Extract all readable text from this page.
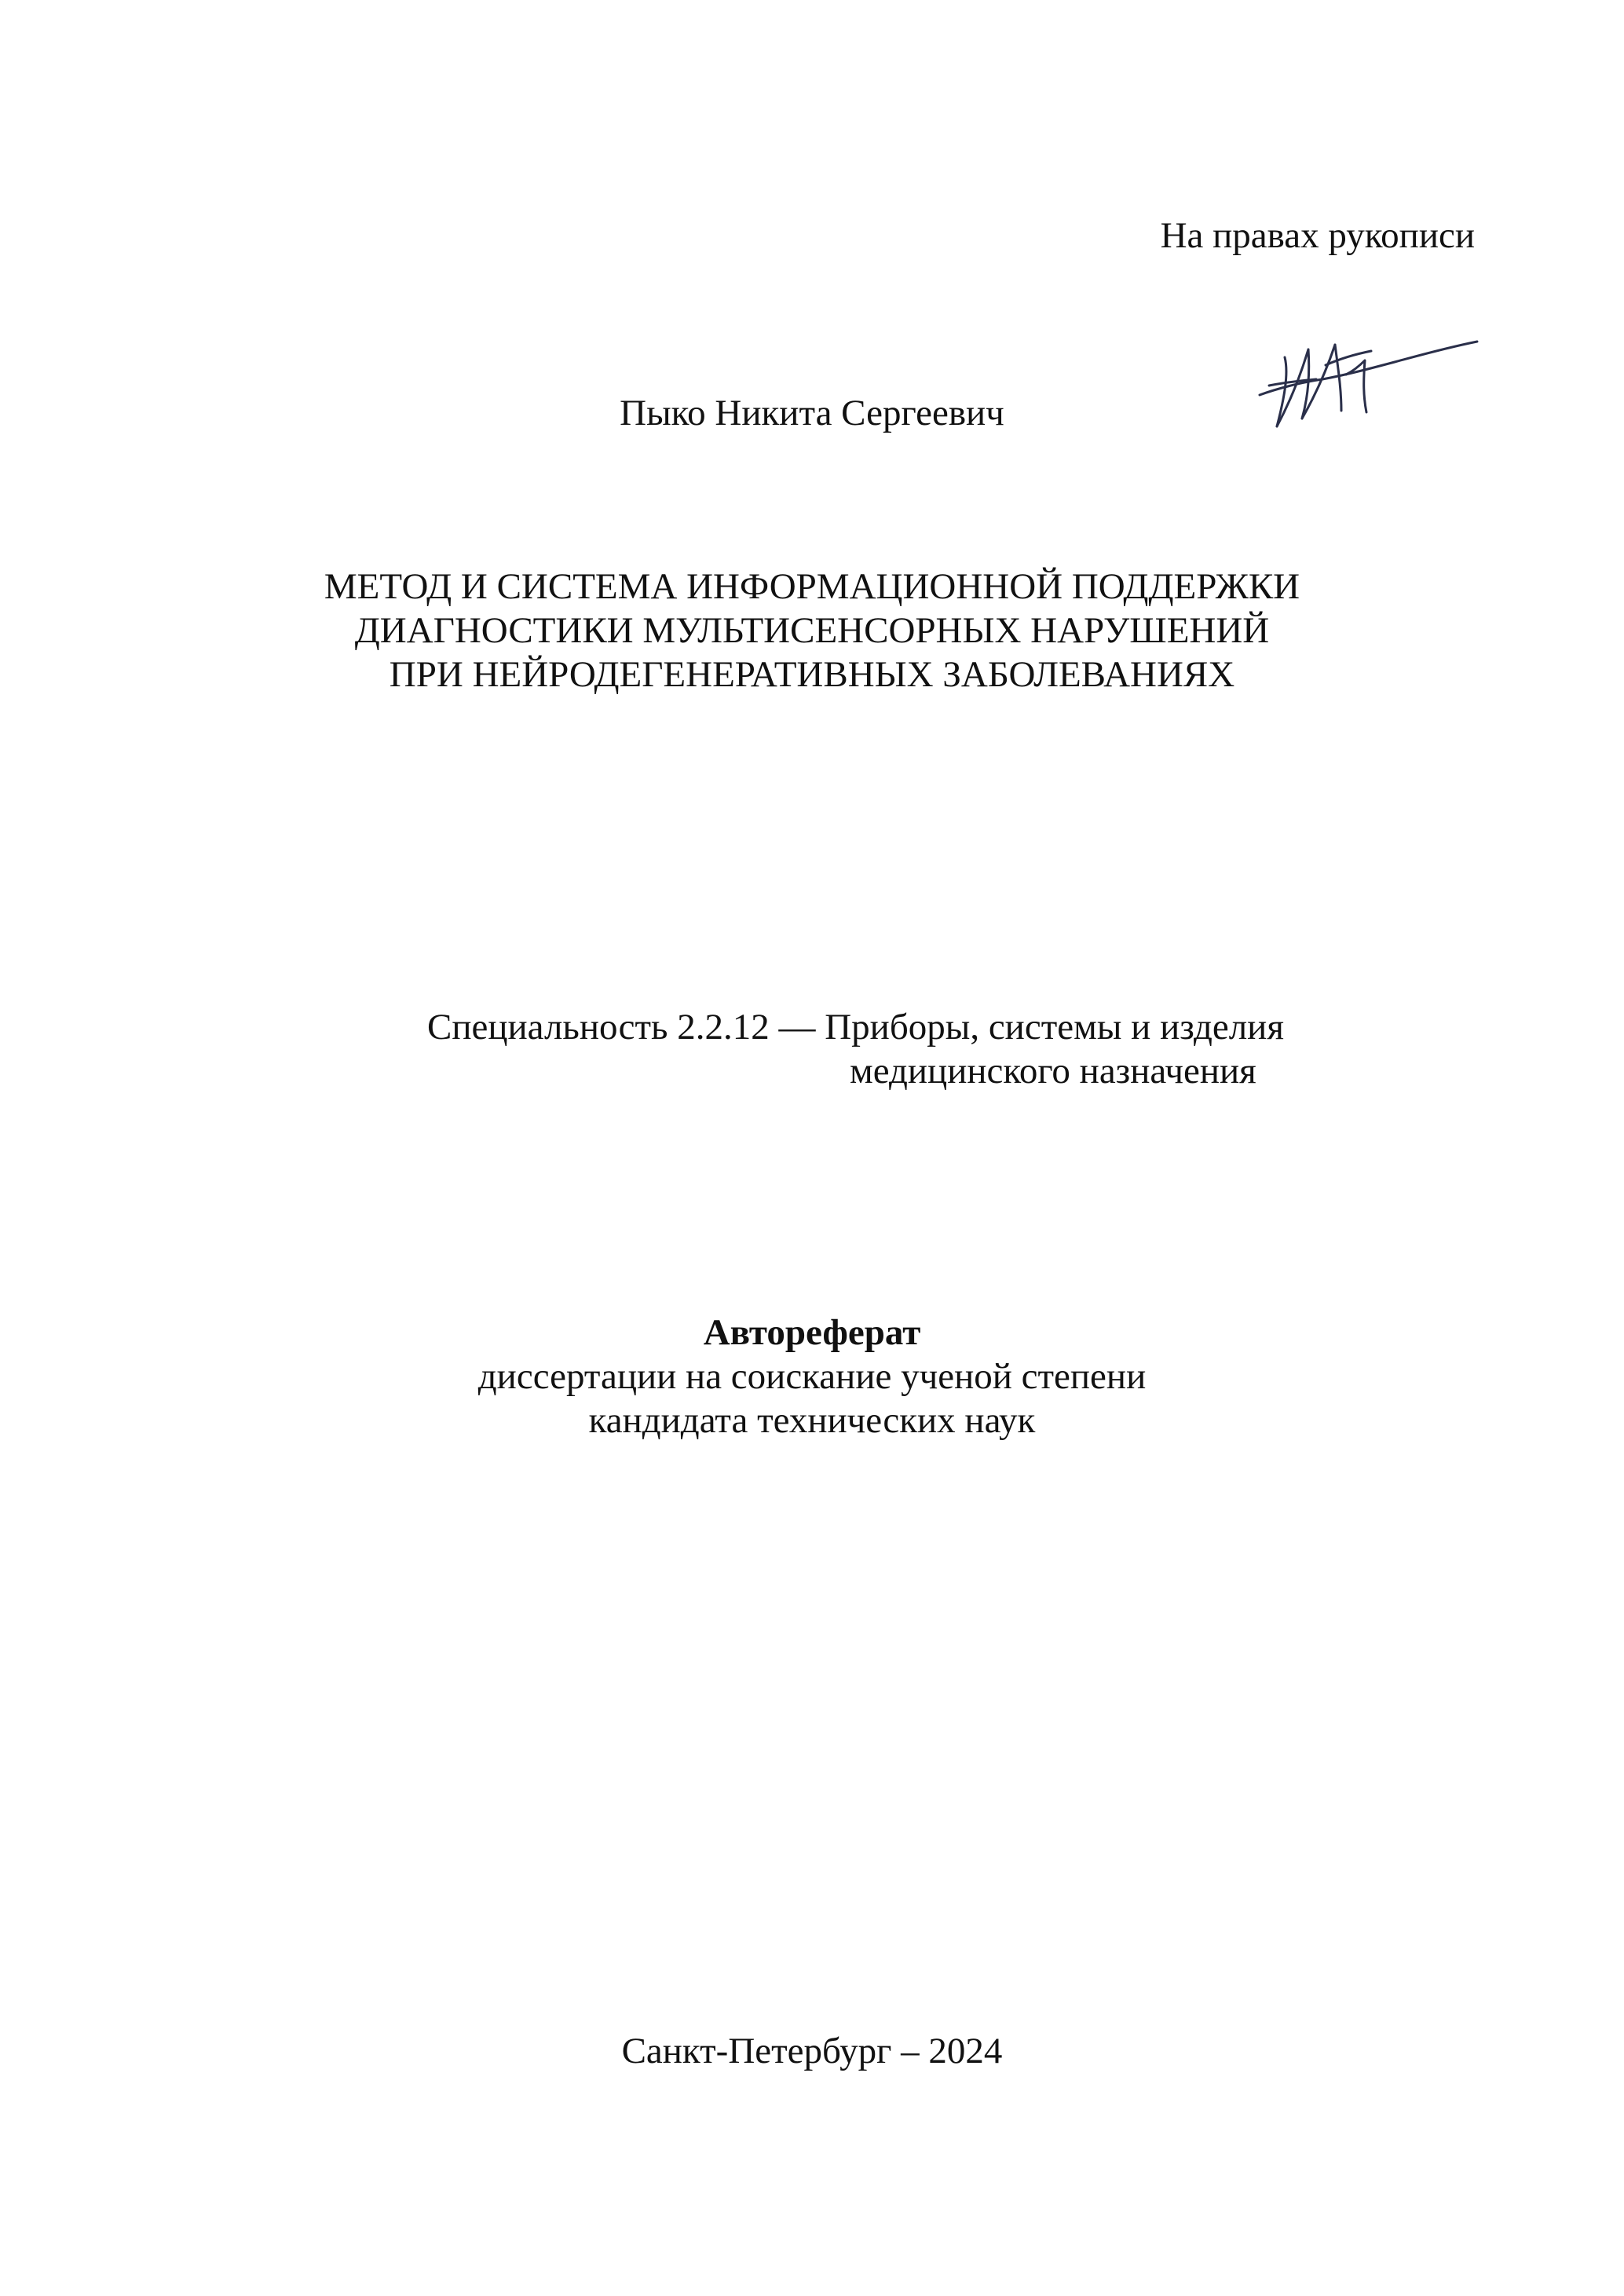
На правах рукописи
Пыко Никита Сергеевич
МЕТОД И СИСТЕМА ИНФОРМАЦИОННОЙ ПОДДЕРЖКИ
ДИАГНОСТИКИ МУЛЬТИСЕНСОРНЫХ НАРУШЕНИЙ
ПРИ НЕЙРОДЕГЕНЕРАТИВНЫХ ЗАБОЛЕВАНИЯХ
Специальность 2.2.12 — Приборы, системы и изделия
медицинского назначения
Автореферат
диссертации на соискание ученой степени
кандидата технических наук
Санкт-Петербург – 2024
